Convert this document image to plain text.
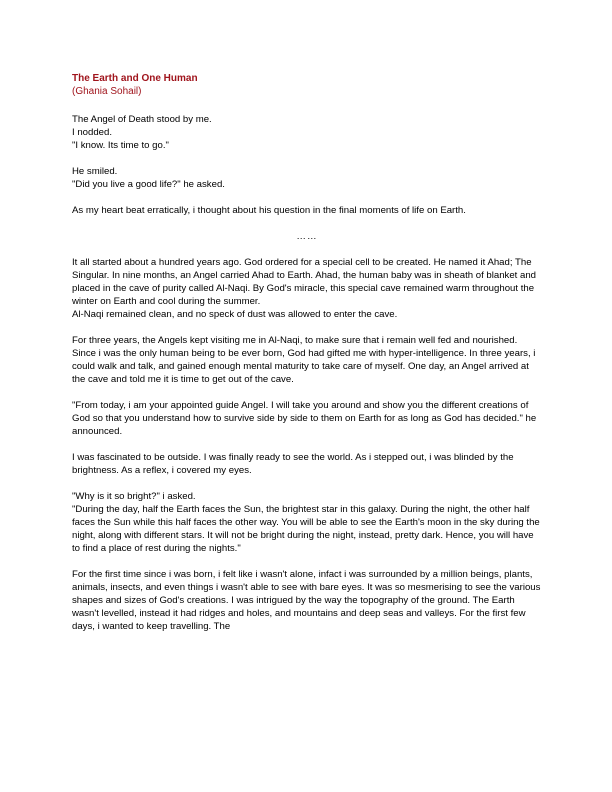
The Earth and One Human
(Ghania Sohail)
The Angel of Death stood by me.
I nodded.
"I know. Its time to go."
He smiled.
"Did you live a good life?" he asked.
As my heart beat erratically, i thought about his question in the final moments of life on Earth.
……
It all started about a hundred years ago. God ordered for a special cell to be created. He named it Ahad; The Singular. In nine months, an Angel carried Ahad to Earth. Ahad, the human baby was in sheath of blanket and placed in the cave of purity called Al-Naqi. By God's miracle, this special cave remained warm throughout the winter on Earth and cool during the summer.
Al-Naqi remained clean, and no speck of dust was allowed to enter the cave.
For three years, the Angels kept visiting me in Al-Naqi, to make sure that i remain well fed and nourished. Since i was the only human being to be ever born, God had gifted me with hyper-intelligence. In three years, i could walk and talk, and gained enough mental maturity to take care of myself. One day, an Angel arrived at the cave and told me it is time to get out of the cave.
"From today, i am your appointed guide Angel. I will take you around and show you the different creations of God so that you understand how to survive side by side to them on Earth for as long as God has decided." he announced.
I was fascinated to be outside. I was finally ready to see the world. As i stepped out, i was blinded by the brightness. As a reflex, i covered my eyes.
"Why is it so bright?" i asked.
"During the day, half the Earth faces the Sun, the brightest star in this galaxy. During the night, the other half faces the Sun while this half faces the other way. You will be able to see the Earth's moon in the sky during the night, along with different stars. It will not be bright during the night, instead, pretty dark. Hence, you will have to find a place of rest during the nights."
For the first time since i was born, i felt like i wasn't alone, infact i was surrounded by a million beings, plants, animals, insects, and even things i wasn't able to see with bare eyes. It was so mesmerising to see the various shapes and sizes of God's creations. I was intrigued by the way the topography of the ground. The Earth wasn't levelled, instead it had ridges and holes, and mountains and deep seas and valleys. For the first few days, i wanted to keep travelling. The
